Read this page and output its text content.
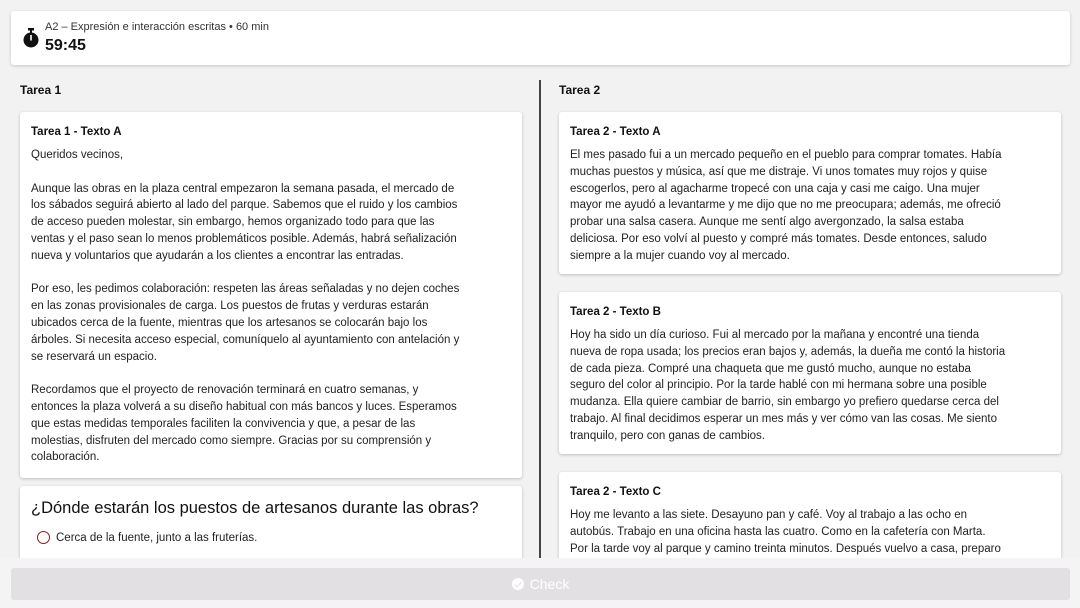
A2 – Expresión e interacción escritas • 60 min
59:45
Tarea 1
Tarea 1 - Texto A
Queridos vecinos,

Aunque las obras en la plaza central empezaron la semana pasada, el mercado de
los sábados seguirá abierto al lado del parque. Sabemos que el ruido y los cambios
de acceso pueden molestar, sin embargo, hemos organizado todo para que las
ventas y el paso sean lo menos problemáticos posible. Además, habrá señalización
nueva y voluntarios que ayudarán a los clientes a encontrar las entradas.

Por eso, les pedimos colaboración: respeten las áreas señaladas y no dejen coches
en las zonas provisionales de carga. Los puestos de frutas y verduras estarán
ubicados cerca de la fuente, mientras que los artesanos se colocarán bajo los
árboles. Si necesita acceso especial, comuníquelo al ayuntamiento con antelación y
se reservará un espacio.

Recordamos que el proyecto de renovación terminará en cuatro semanas, y
entonces la plaza volverá a su diseño habitual con más bancos y luces. Esperamos
que estas medidas temporales faciliten la convivencia y que, a pesar de las
molestias, disfruten del mercado como siempre. Gracias por su comprensión y
colaboración.
¿Dónde estarán los puestos de artesanos durante las obras?
Cerca de la fuente, junto a las fruterías.
Tarea 2
Tarea 2 - Texto A
El mes pasado fui a un mercado pequeño en el pueblo para comprar tomates. Había
muchas puestos y música, así que me distraje. Vi unos tomates muy rojos y quise
escogerlos, pero al agacharme tropecé con una caja y casi me caigo. Una mujer
mayor me ayudó a levantarme y me dijo que no me preocupara; además, me ofreció
probar una salsa casera. Aunque me sentí algo avergonzado, la salsa estaba
deliciosa. Por eso volví al puesto y compré más tomates. Desde entonces, saludo
siempre a la mujer cuando voy al mercado.
Tarea 2 - Texto B
Hoy ha sido un día curioso. Fui al mercado por la mañana y encontré una tienda
nueva de ropa usada; los precios eran bajos y, además, la dueña me contó la historia
de cada pieza. Compré una chaqueta que me gustó mucho, aunque no estaba
seguro del color al principio. Por la tarde hablé con mi hermana sobre una posible
mudanza. Ella quiere cambiar de barrio, sin embargo yo prefiero quedarse cerca del
trabajo. Al final decidimos esperar un mes más y ver cómo van las cosas. Me siento
tranquilo, pero con ganas de cambios.
Tarea 2 - Texto C
Hoy me levanto a las siete. Desayuno pan y café. Voy al trabajo a las ocho en
autobús. Trabajo en una oficina hasta las cuatro. Como en la cafetería con Marta.
Por la tarde voy al parque y camino treinta minutos. Después vuelvo a casa, preparo
Check
